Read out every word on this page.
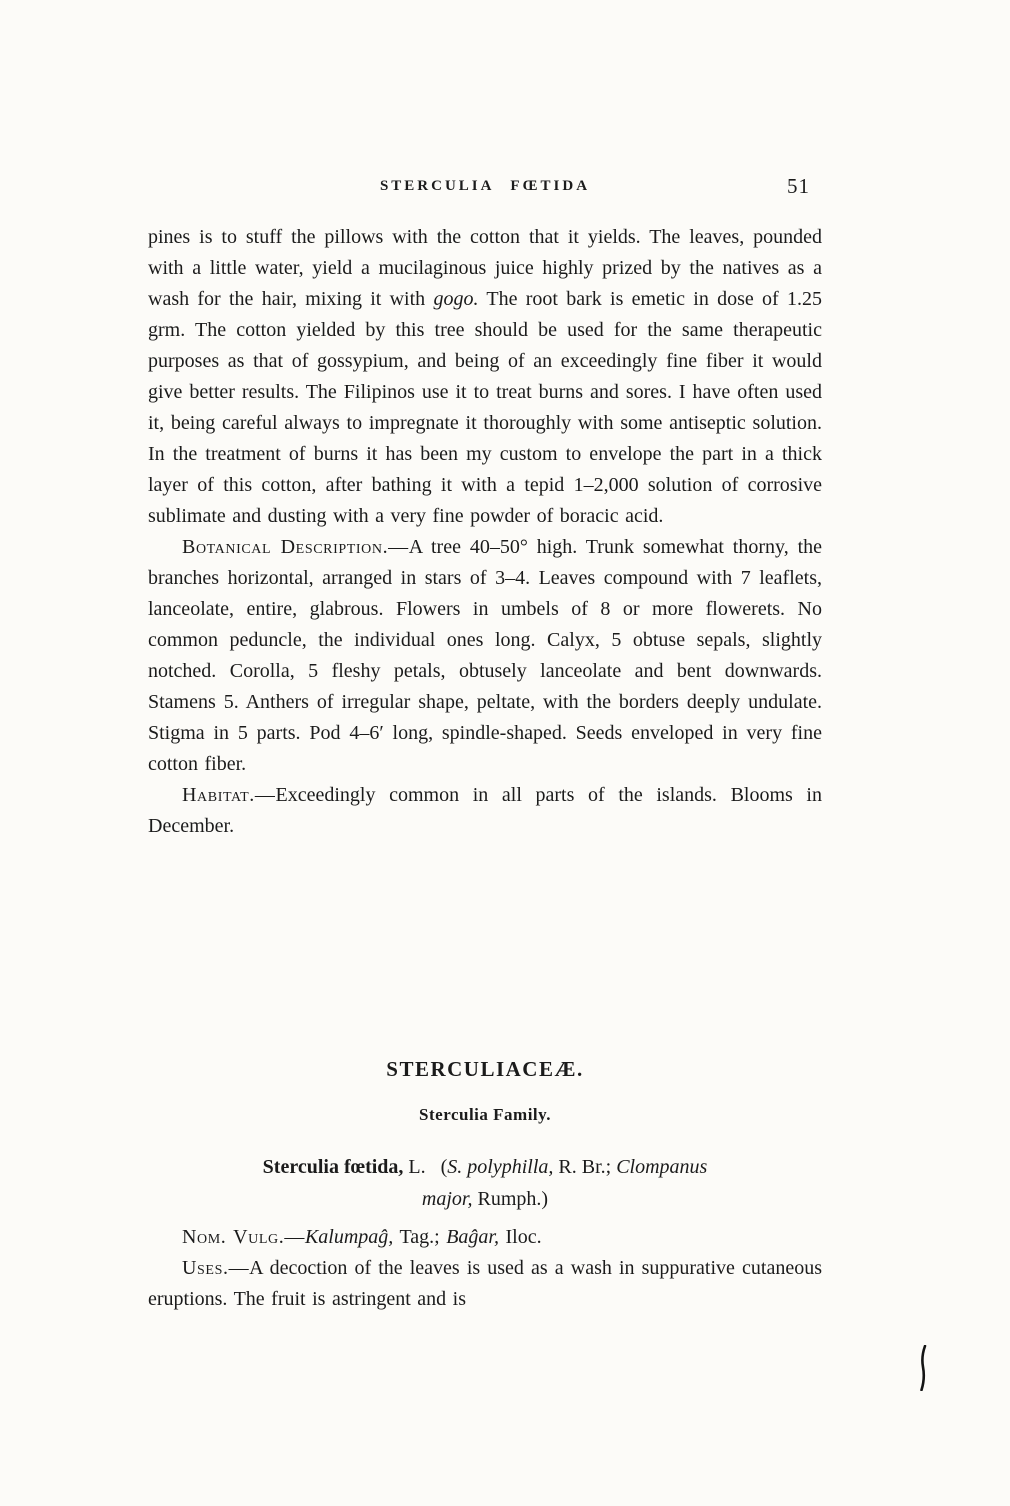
STERCULIA FŒTIDA	51

pines is to stuff the pillows with the cotton that it yields. The leaves, pounded with a little water, yield a mucilaginous juice highly prized by the natives as a wash for the hair, mixing it with gogo. The root bark is emetic in dose of 1.25 grm. The cotton yielded by this tree should be used for the same therapeutic purposes as that of gossypium, and being of an exceedingly fine fiber it would give better results. The Filipinos use it to treat burns and sores. I have often used it, being careful always to impregnate it thoroughly with some antiseptic solution. In the treatment of burns it has been my custom to envelope the part in a thick layer of this cotton, after bathing it with a tepid 1–2,000 solution of corrosive sublimate and dusting with a very fine powder of boracic acid.

Botanical Description.—A tree 40–50° high. Trunk somewhat thorny, the branches horizontal, arranged in stars of 3–4. Leaves compound with 7 leaflets, lanceolate, entire, glabrous. Flowers in umbels of 8 or more flowerets. No common peduncle, the individual ones long. Calyx, 5 obtuse sepals, slightly notched. Corolla, 5 fleshy petals, obtusely lanceolate and bent downwards. Stamens 5. Anthers of irregular shape, peltate, with the borders deeply undulate. Stigma in 5 parts. Pod 4–6′ long, spindle-shaped. Seeds enveloped in very fine cotton fiber.

Habitat.—Exceedingly common in all parts of the islands. Blooms in December.

STERCULIACEÆ.
Sterculia Family.
Sterculia fœtida, L.   (S. polyphilla, R. Br.; Clompanus
major, Rumph.)

Nom. Vulg.—Kalumpaĝ, Tag.; Baĝar, Iloc.

Uses.—A decoction of the leaves is used as a wash in suppurative cutaneous eruptions. The fruit is astringent and is
